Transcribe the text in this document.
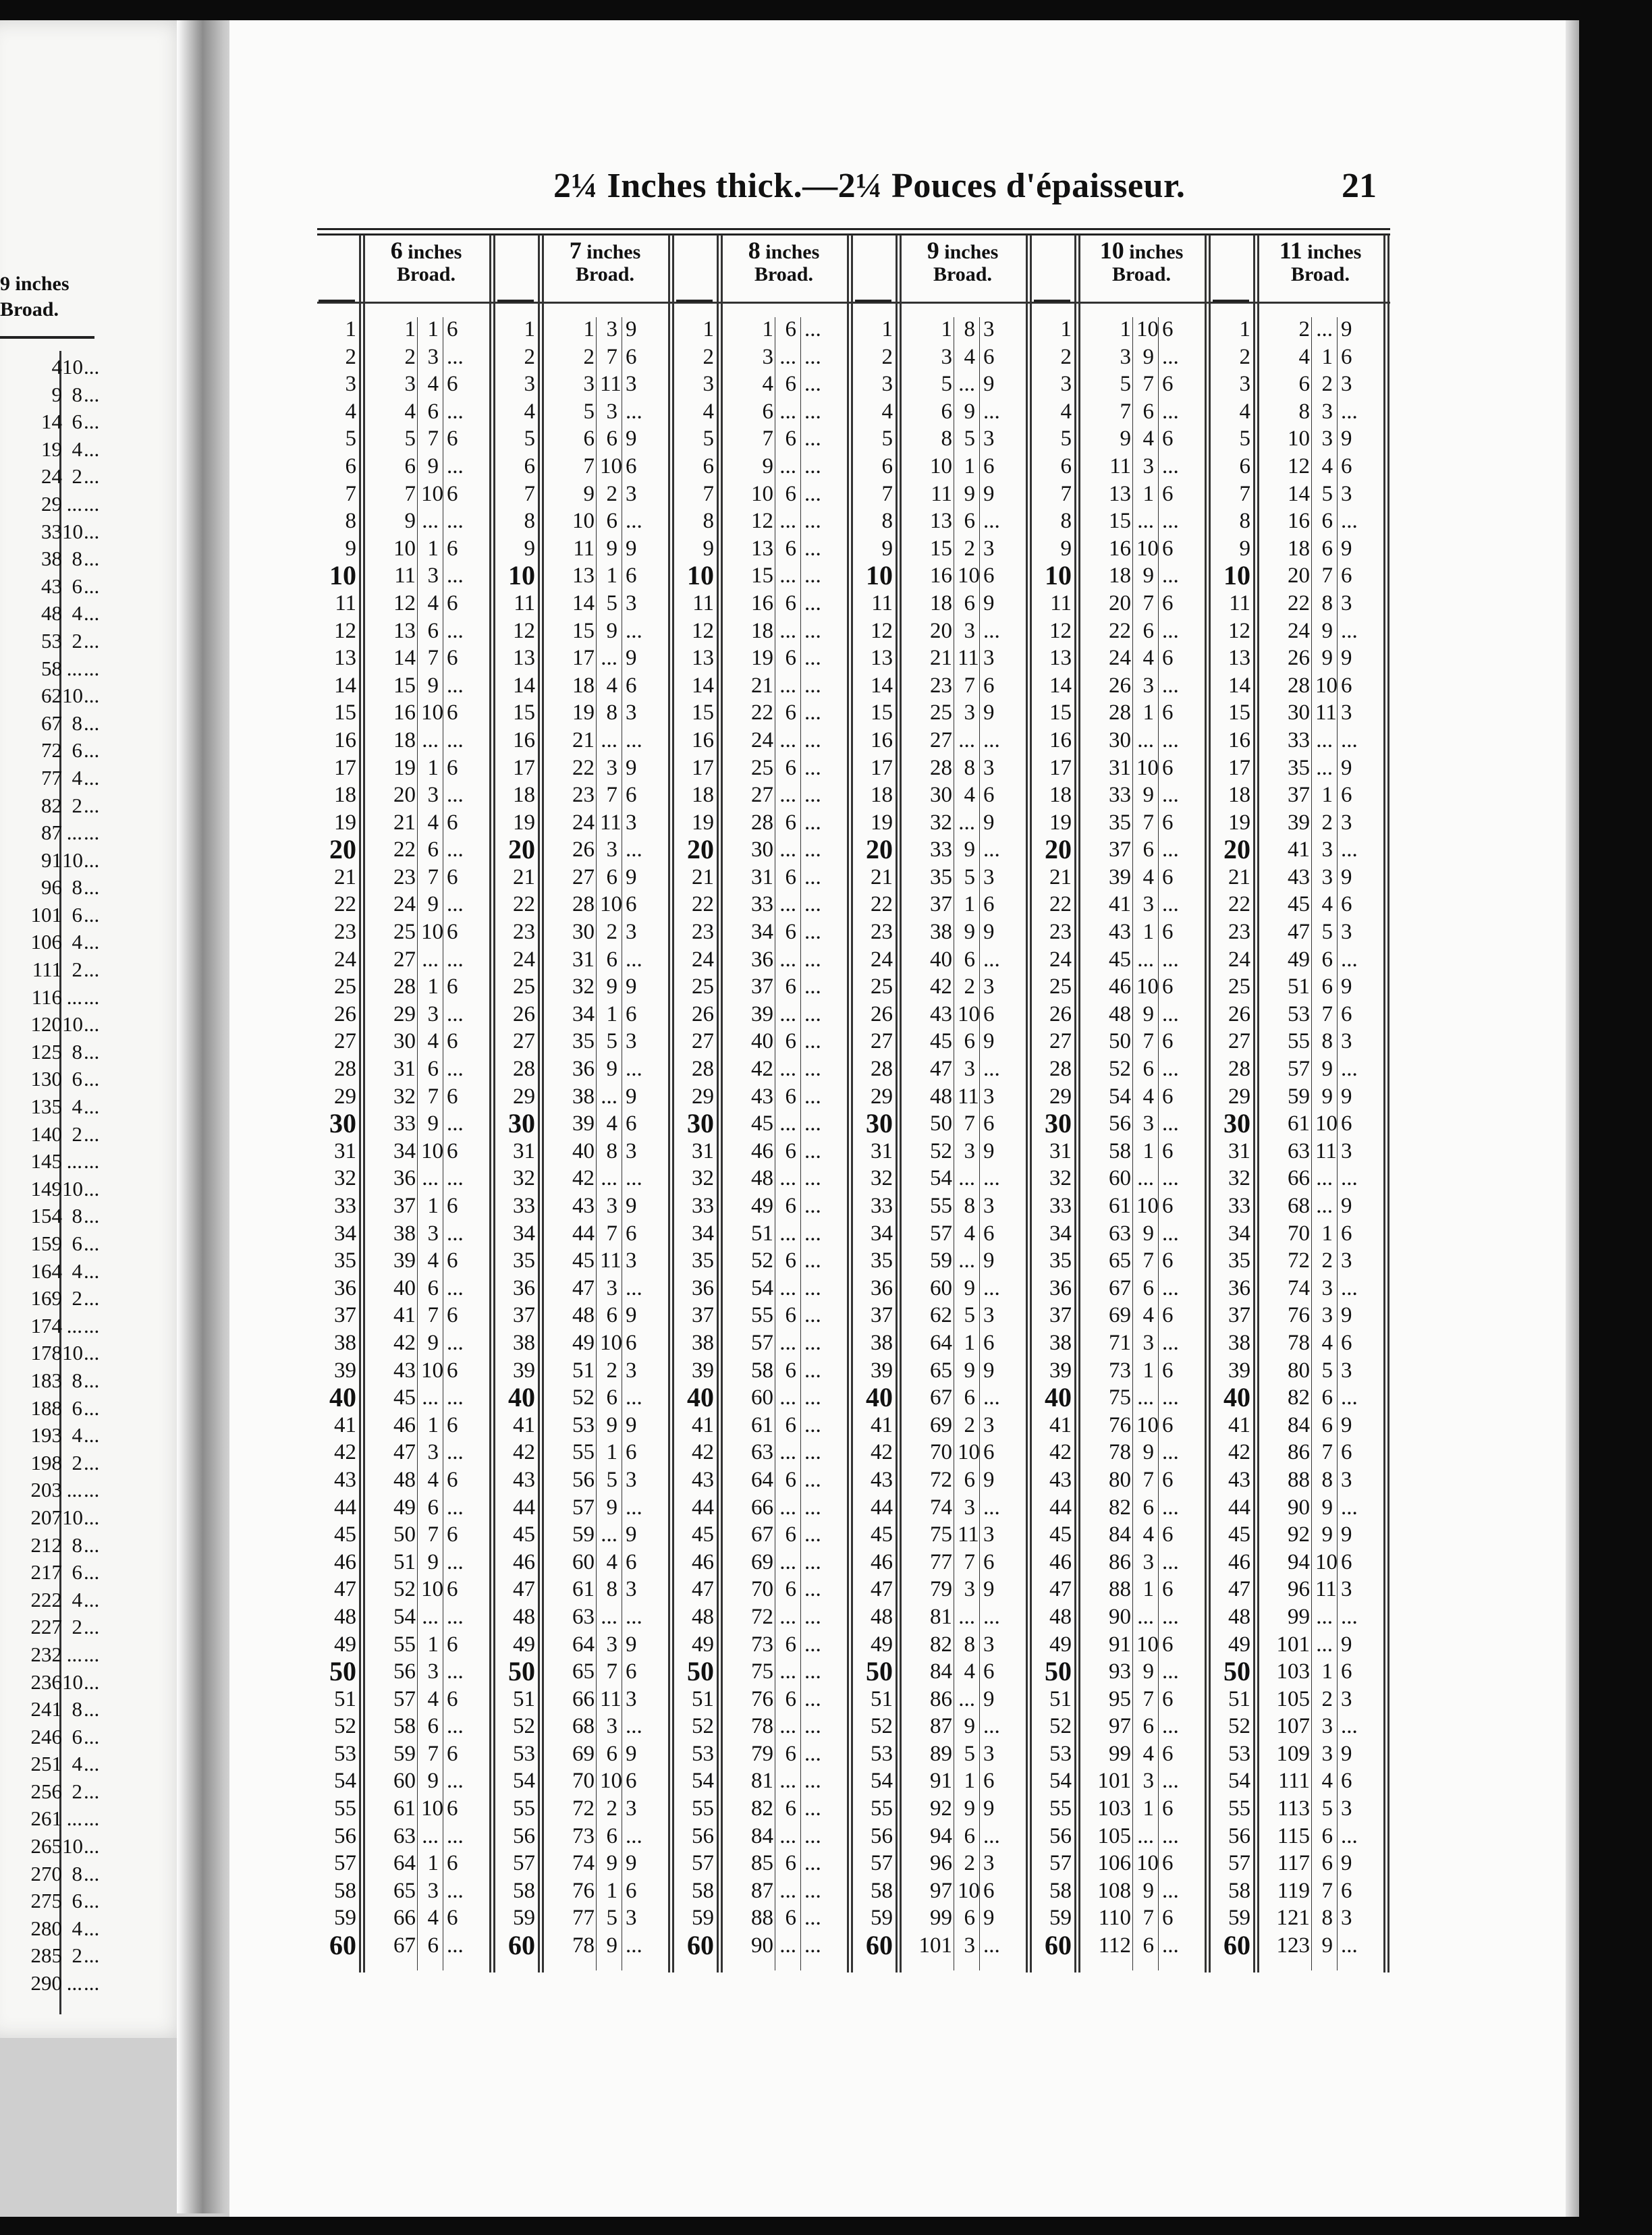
9 inches
Broad.
4 10 ...
9 8 ...
14 6 ...
19 4 ...
24 2 ...
29 ... ...
33 10 ...
38 8 ...
43 6 ...
48 4 ...
53 2 ...
58 ... ...
62 10 ...
67 8 ...
72 6 ...
77 4 ...
82 2 ...
87 ... ...
91 10 ...
96 8 ...
101 6 ...
106 4 ...
111 2 ...
116 ... ...
120 10 ...
125 8 ...
130 6 ...
135 4 ...
140 2 ...
145 ... ...
149 10 ...
154 8 ...
159 6 ...
164 4 ...
169 2 ...
174 ... ...
178 10 ...
183 8 ...
188 6 ...
193 4 ...
198 2 ...
203 ... ...
207 10 ...
212 8 ...
217 6 ...
222 4 ...
227 2 ...
232 ... ...
236 10 ...
241 8 ...
246 6 ...
251 4 ...
256 2 ...
261 ... ...
265 10 ...
270 8 ...
275 6 ...
280 4 ...
285 2 ...
290 ... ...
2¼ Inches thick.—2¼ Pouces d'épaisseur.	21
6 inches
Broad.
7 inches
Broad.
8 inches
Broad.
9 inches
Broad.
10 inches
Broad.
11 inches
Broad.
1	1 1 6	1	1 3 9	1	1 6 ...	1	1 8 3	1	1 10 6	1	2 ... 9
2	2 3 ...	2	2 7 6	2	3 ... ...	2	3 4 6	2	3 9 ...	2	4 1 6
3	3 4 6	3	3 11 3	3	4 6 ...	3	5 ... 9	3	5 7 6	3	6 2 3
4	4 6 ...	4	5 3 ...	4	6 ... ...	4	6 9 ...	4	7 6 ...	4	8 3 ...
5	5 7 6	5	6 6 9	5	7 6 ...	5	8 5 3	5	9 4 6	5	10 3 9
6	6 9 ...	6	7 10 6	6	9 ... ...	6	10 1 6	6	11 3 ...	6	12 4 6
7	7 10 6	7	9 2 3	7	10 6 ...	7	11 9 9	7	13 1 6	7	14 5 3
8	9 ... ...	8	10 6 ...	8	12 ... ...	8	13 6 ...	8	15 ... ...	8	16 6 ...
9	10 1 6	9	11 9 9	9	13 6 ...	9	15 2 3	9	16 10 6	9	18 6 9
10	11 3 ...	10	13 1 6	10	15 ... ...	10	16 10 6	10	18 9 ...	10	20 7 6
11	12 4 6	11	14 5 3	11	16 6 ...	11	18 6 9	11	20 7 6	11	22 8 3
12	13 6 ...	12	15 9 ...	12	18 ... ...	12	20 3 ...	12	22 6 ...	12	24 9 ...
13	14 7 6	13	17 ... 9	13	19 6 ...	13	21 11 3	13	24 4 6	13	26 9 9
14	15 9 ...	14	18 4 6	14	21 ... ...	14	23 7 6	14	26 3 ...	14	28 10 6
15	16 10 6	15	19 8 3	15	22 6 ...	15	25 3 9	15	28 1 6	15	30 11 3
16	18 ... ...	16	21 ... ...	16	24 ... ...	16	27 ... ...	16	30 ... ...	16	33 ... ...
17	19 1 6	17	22 3 9	17	25 6 ...	17	28 8 3	17	31 10 6	17	35 ... 9
18	20 3 ...	18	23 7 6	18	27 ... ...	18	30 4 6	18	33 9 ...	18	37 1 6
19	21 4 6	19	24 11 3	19	28 6 ...	19	32 ... 9	19	35 7 6	19	39 2 3
20	22 6 ...	20	26 3 ...	20	30 ... ...	20	33 9 ...	20	37 6 ...	20	41 3 ...
21	23 7 6	21	27 6 9	21	31 6 ...	21	35 5 3	21	39 4 6	21	43 3 9
22	24 9 ...	22	28 10 6	22	33 ... ...	22	37 1 6	22	41 3 ...	22	45 4 6
23	25 10 6	23	30 2 3	23	34 6 ...	23	38 9 9	23	43 1 6	23	47 5 3
24	27 ... ...	24	31 6 ...	24	36 ... ...	24	40 6 ...	24	45 ... ...	24	49 6 ...
25	28 1 6	25	32 9 9	25	37 6 ...	25	42 2 3	25	46 10 6	25	51 6 9
26	29 3 ...	26	34 1 6	26	39 ... ...	26	43 10 6	26	48 9 ...	26	53 7 6
27	30 4 6	27	35 5 3	27	40 6 ...	27	45 6 9	27	50 7 6	27	55 8 3
28	31 6 ...	28	36 9 ...	28	42 ... ...	28	47 3 ...	28	52 6 ...	28	57 9 ...
29	32 7 6	29	38 ... 9	29	43 6 ...	29	48 11 3	29	54 4 6	29	59 9 9
30	33 9 ...	30	39 4 6	30	45 ... ...	30	50 7 6	30	56 3 ...	30	61 10 6
31	34 10 6	31	40 8 3	31	46 6 ...	31	52 3 9	31	58 1 6	31	63 11 3
32	36 ... ...	32	42 ... ...	32	48 ... ...	32	54 ... ...	32	60 ... ...	32	66 ... ...
33	37 1 6	33	43 3 9	33	49 6 ...	33	55 8 3	33	61 10 6	33	68 ... 9
34	38 3 ...	34	44 7 6	34	51 ... ...	34	57 4 6	34	63 9 ...	34	70 1 6
35	39 4 6	35	45 11 3	35	52 6 ...	35	59 ... 9	35	65 7 6	35	72 2 3
36	40 6 ...	36	47 3 ...	36	54 ... ...	36	60 9 ...	36	67 6 ...	36	74 3 ...
37	41 7 6	37	48 6 9	37	55 6 ...	37	62 5 3	37	69 4 6	37	76 3 9
38	42 9 ...	38	49 10 6	38	57 ... ...	38	64 1 6	38	71 3 ...	38	78 4 6
39	43 10 6	39	51 2 3	39	58 6 ...	39	65 9 9	39	73 1 6	39	80 5 3
40	45 ... ...	40	52 6 ...	40	60 ... ...	40	67 6 ...	40	75 ... ...	40	82 6 ...
41	46 1 6	41	53 9 9	41	61 6 ...	41	69 2 3	41	76 10 6	41	84 6 9
42	47 3 ...	42	55 1 6	42	63 ... ...	42	70 10 6	42	78 9 ...	42	86 7 6
43	48 4 6	43	56 5 3	43	64 6 ...	43	72 6 9	43	80 7 6	43	88 8 3
44	49 6 ...	44	57 9 ...	44	66 ... ...	44	74 3 ...	44	82 6 ...	44	90 9 ...
45	50 7 6	45	59 ... 9	45	67 6 ...	45	75 11 3	45	84 4 6	45	92 9 9
46	51 9 ...	46	60 4 6	46	69 ... ...	46	77 7 6	46	86 3 ...	46	94 10 6
47	52 10 6	47	61 8 3	47	70 6 ...	47	79 3 9	47	88 1 6	47	96 11 3
48	54 ... ...	48	63 ... ...	48	72 ... ...	48	81 ... ...	48	90 ... ...	48	99 ... ...
49	55 1 6	49	64 3 9	49	73 6 ...	49	82 8 3	49	91 10 6	49	101 ... 9
50	56 3 ...	50	65 7 6	50	75 ... ...	50	84 4 6	50	93 9 ...	50	103 1 6
51	57 4 6	51	66 11 3	51	76 6 ...	51	86 ... 9	51	95 7 6	51	105 2 3
52	58 6 ...	52	68 3 ...	52	78 ... ...	52	87 9 ...	52	97 6 ...	52	107 3 ...
53	59 7 6	53	69 6 9	53	79 6 ...	53	89 5 3	53	99 4 6	53	109 3 9
54	60 9 ...	54	70 10 6	54	81 ... ...	54	91 1 6	54	101 3 ...	54	111 4 6
55	61 10 6	55	72 2 3	55	82 6 ...	55	92 9 9	55	103 1 6	55	113 5 3
56	63 ... ...	56	73 6 ...	56	84 ... ...	56	94 6 ...	56	105 ... ...	56	115 6 ...
57	64 1 6	57	74 9 9	57	85 6 ...	57	96 2 3	57	106 10 6	57	117 6 9
58	65 3 ...	58	76 1 6	58	87 ... ...	58	97 10 6	58	108 9 ...	58	119 7 6
59	66 4 6	59	77 5 3	59	88 6 ...	59	99 6 9	59	110 7 6	59	121 8 3
60	67 6 ...	60	78 9 ...	60	90 ... ...	60	101 3 ...	60	112 6 ...	60	123 9 ...
